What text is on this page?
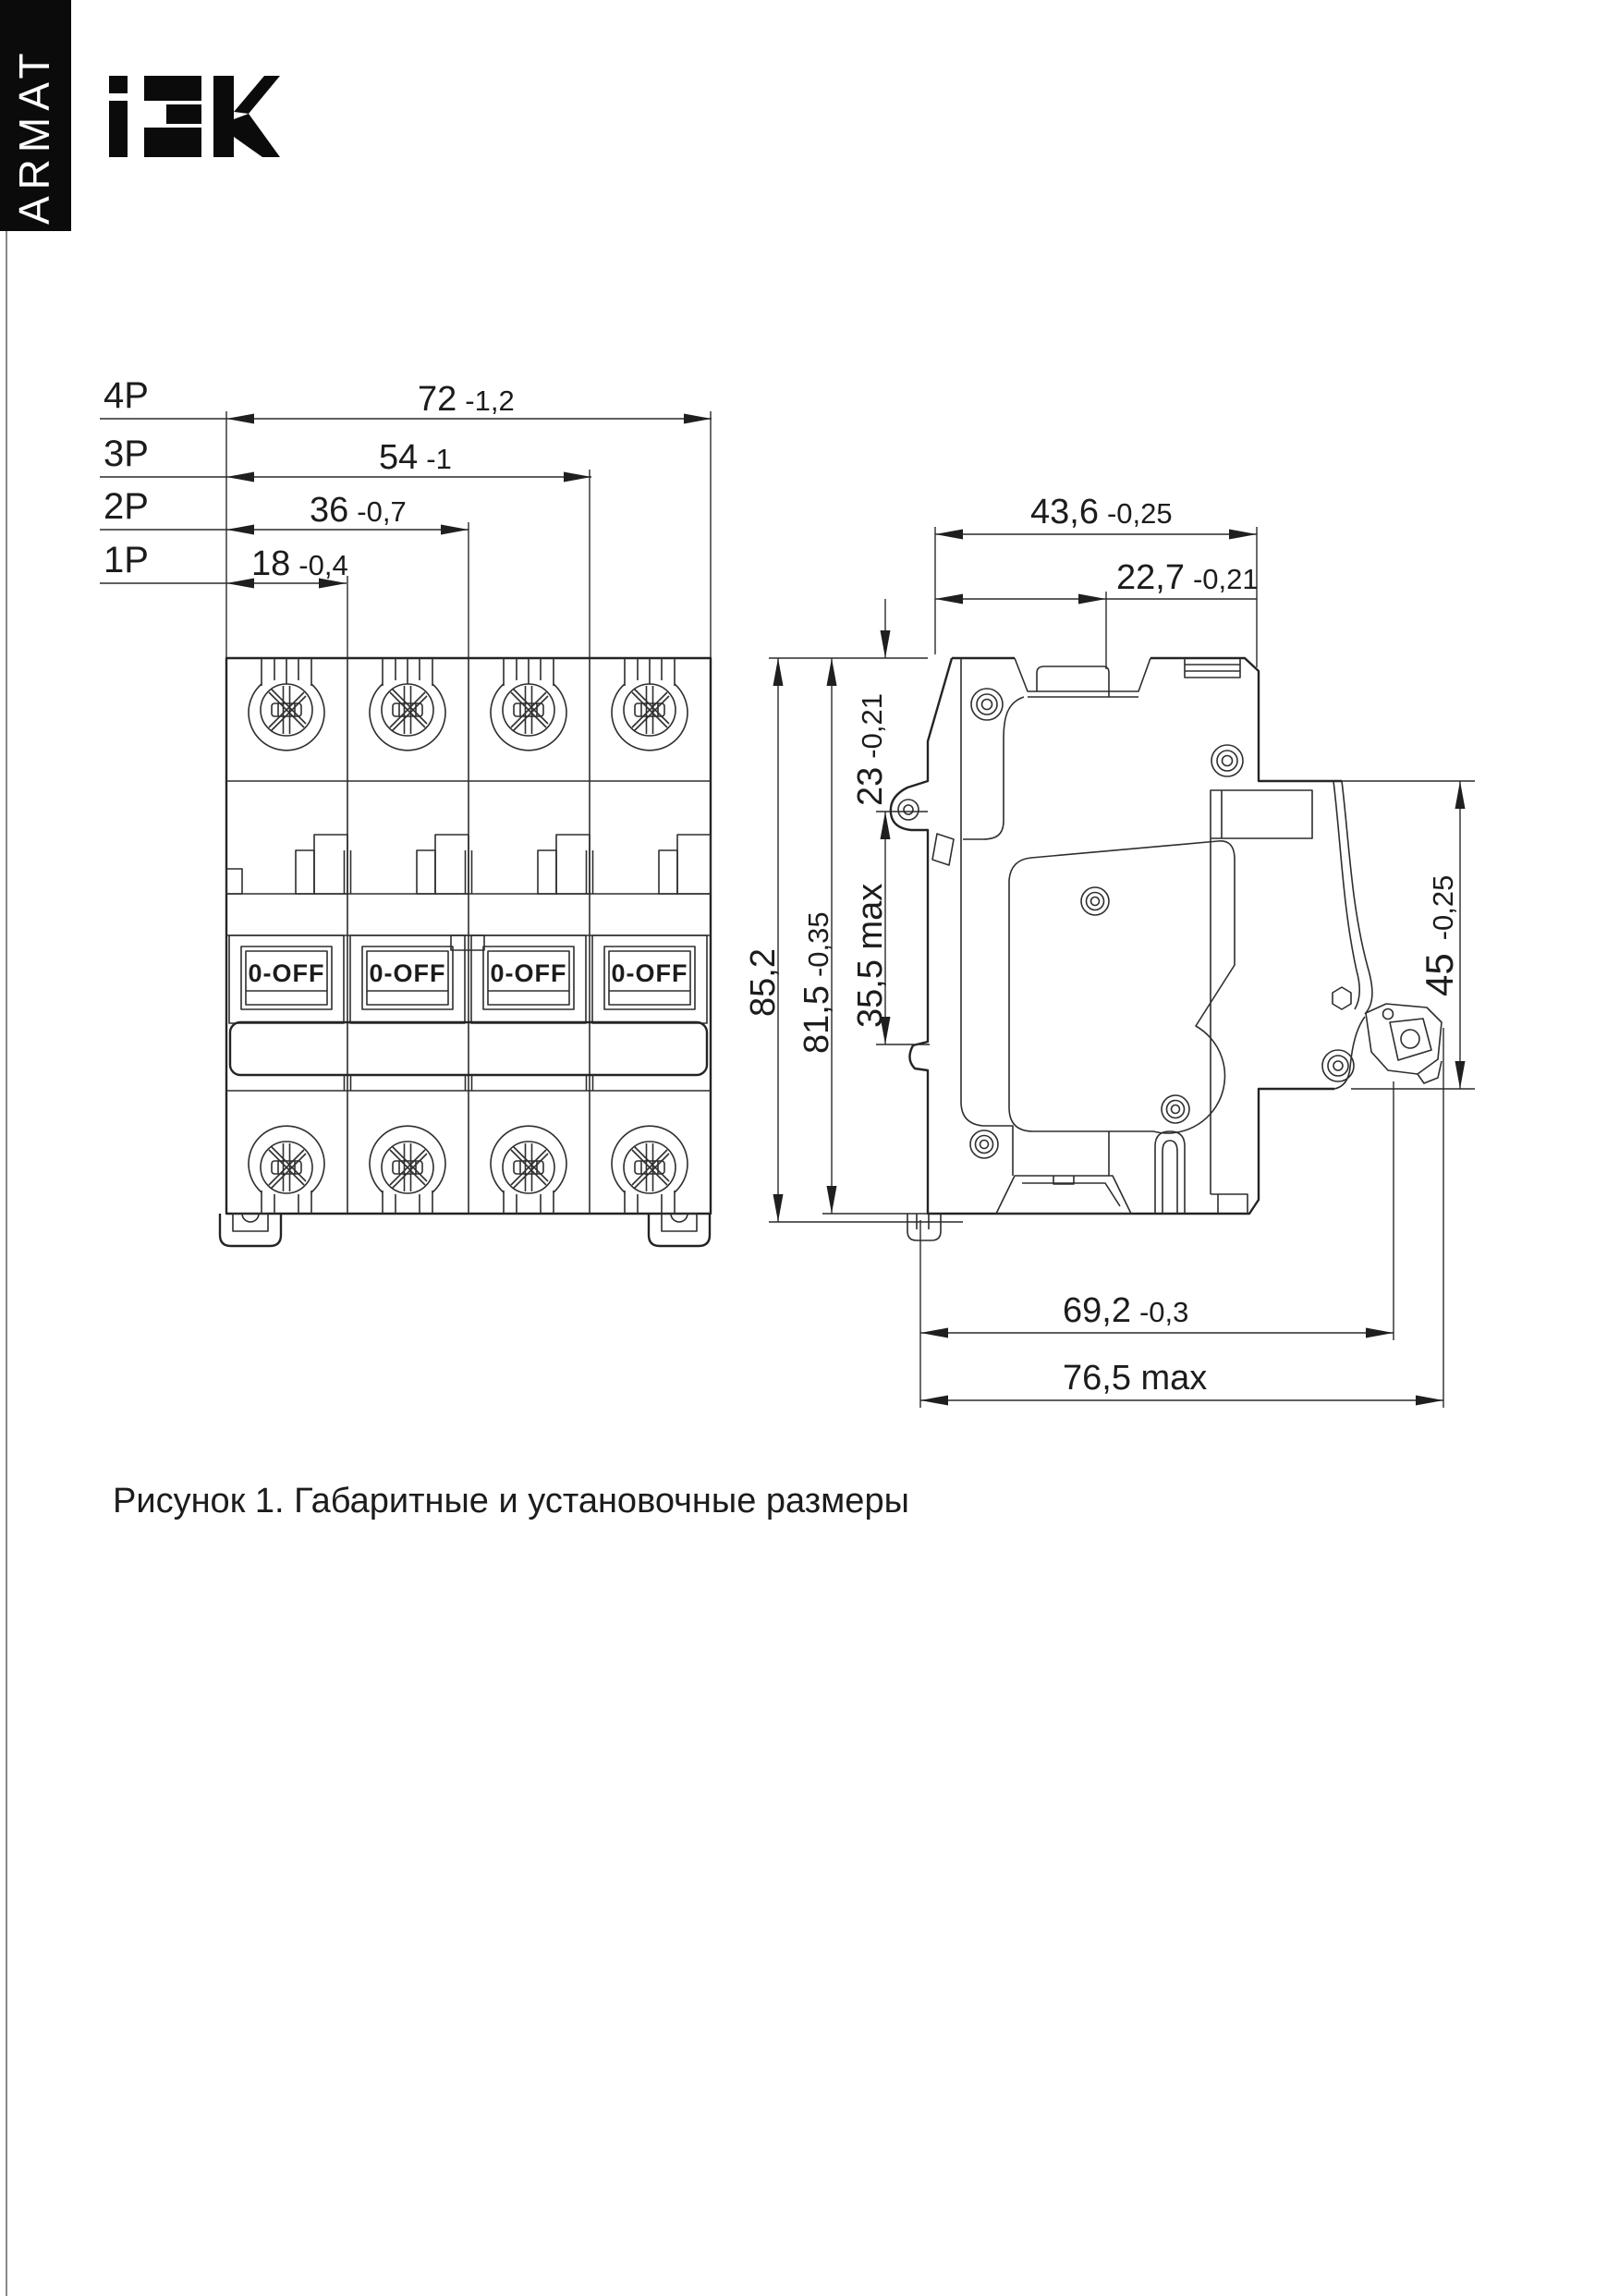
ARMAT
4P
3P
2P
1P
72 -1,2
54 -1
36 -0,7
18 -0,4
0-OFF 0-OFF 0-OFF 0-OFF
43,6 -0,25
22,7 -0,21
85,2
81,5-0,35 35,5 max
23-0,21
45-0,25
69,2 -0,3
76,5 max
Рисунок 1. Габаритные и установочные размеры
